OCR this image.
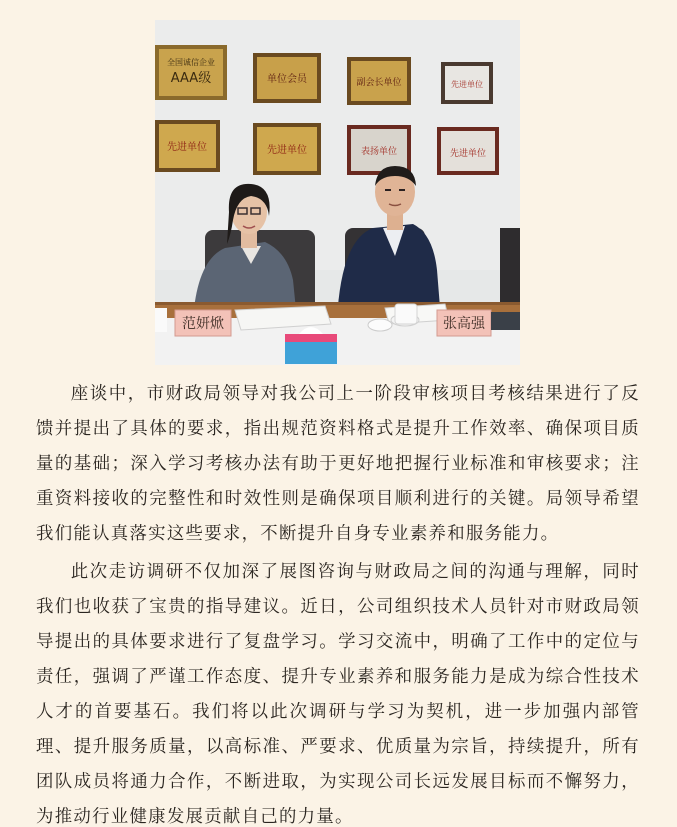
全国诚信企业
AAA级	单位会员	副会长单位	先进单位
先进单位	先进单位	表扬单位	先进单位
范妍焮	张高强

座谈中，市财政局领导对我公司上一阶段审核项目考核结果进行了反馈并提出了具体的要求，指出规范资料格式是提升工作效率、确保项目质量的基础；深入学习考核办法有助于更好地把握行业标准和审核要求；注重资料接收的完整性和时效性则是确保项目顺利进行的关键。局领导希望我们能认真落实这些要求，不断提升自身专业素养和服务能力。

此次走访调研不仅加深了展图咨询与财政局之间的沟通与理解，同时我们也收获了宝贵的指导建议。近日，公司组织技术人员针对市财政局领导提出的具体要求进行了复盘学习。学习交流中，明确了工作中的定位与责任，强调了严谨工作态度、提升专业素养和服务能力是成为综合性技术人才的首要基石。我们将以此次调研与学习为契机，进一步加强内部管理、提升服务质量，以高标准、严要求、优质量为宗旨，持续提升，所有团队成员将通力合作，不断进取，为实现公司长远发展目标而不懈努力，为推动行业健康发展贡献自己的力量。
